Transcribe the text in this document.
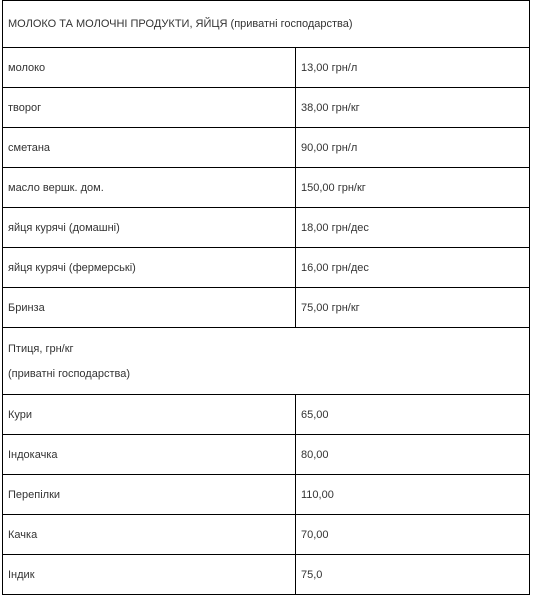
МОЛОКО ТА МОЛОЧНІ ПРОДУКТИ, ЯЙЦЯ (приватні господарства)	
молоко	13,00 грн/л
творог	38,00 грн/кг
сметана	90,00 грн/л
масло вершк. дом.	150,00 грн/кг
яйця курячі (домашні)	18,00 грн/дес
яйця курячі (фермерські)	16,00 грн/дес
Бринза	75,00 грн/кг

Птиця, грн/кг
(приватні господарства)	

Кури	65,00
Індокачка	80,00
Перепілки	110,00
Качка	70,00
Індик	75,0
